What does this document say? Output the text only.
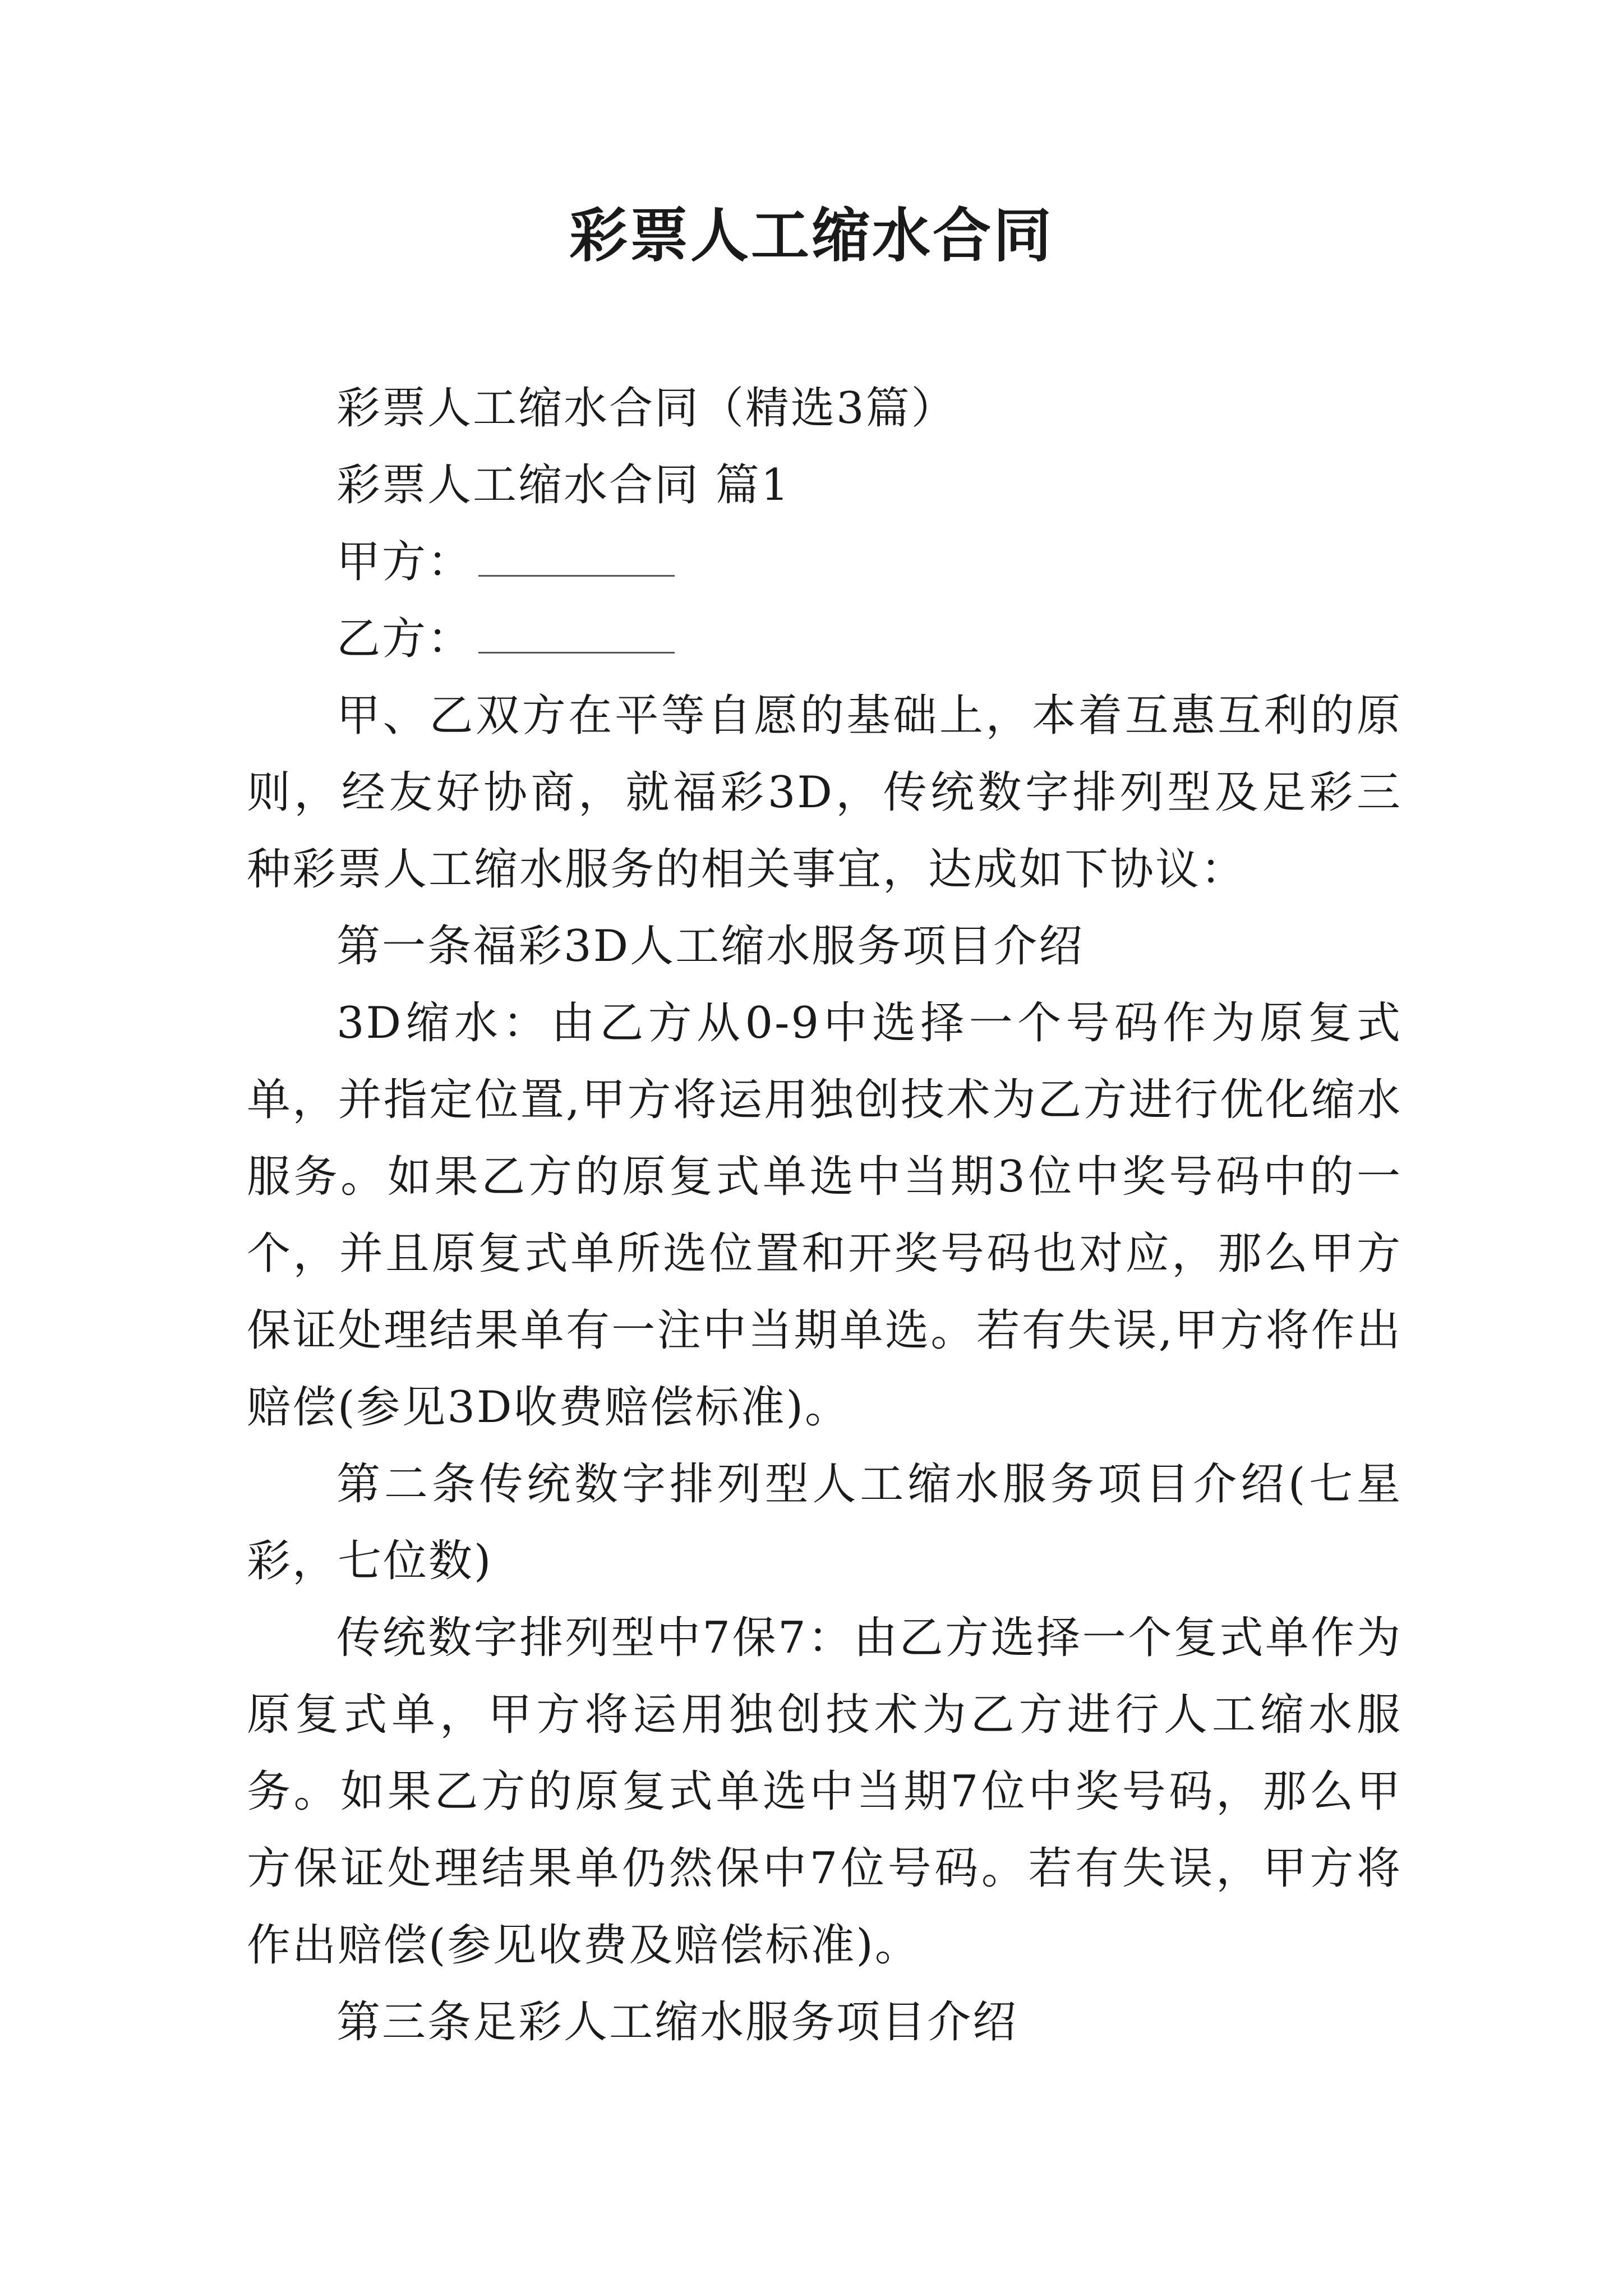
彩票人工缩水合同

彩票人工缩水合同（精选3篇）

彩票人工缩水合同 篇1

甲方：

乙方：

甲、乙双方在平等自愿的基础上，本着互惠互利的原则，经友好协商，就福彩3D，传统数字排列型及足彩三种彩票人工缩水服务的相关事宜，达成如下协议：

第一条福彩3D人工缩水服务项目介绍

3D缩水：由乙方从0-9中选择一个号码作为原复式单，并指定位置,甲方将运用独创技术为乙方进行优化缩水服务。如果乙方的原复式单选中当期3位中奖号码中的一个，并且原复式单所选位置和开奖号码也对应，那么甲方保证处理结果单有一注中当期单选。若有失误,甲方将作出赔偿(参见3D收费赔偿标准)。

第二条传统数字排列型人工缩水服务项目介绍(七星彩，七位数)

传统数字排列型中7保7：由乙方选择一个复式单作为原复式单，甲方将运用独创技术为乙方进行人工缩水服务。如果乙方的原复式单选中当期7位中奖号码，那么甲方保证处理结果单仍然保中7位号码。若有失误，甲方将作出赔偿(参见收费及赔偿标准)。

第三条足彩人工缩水服务项目介绍
